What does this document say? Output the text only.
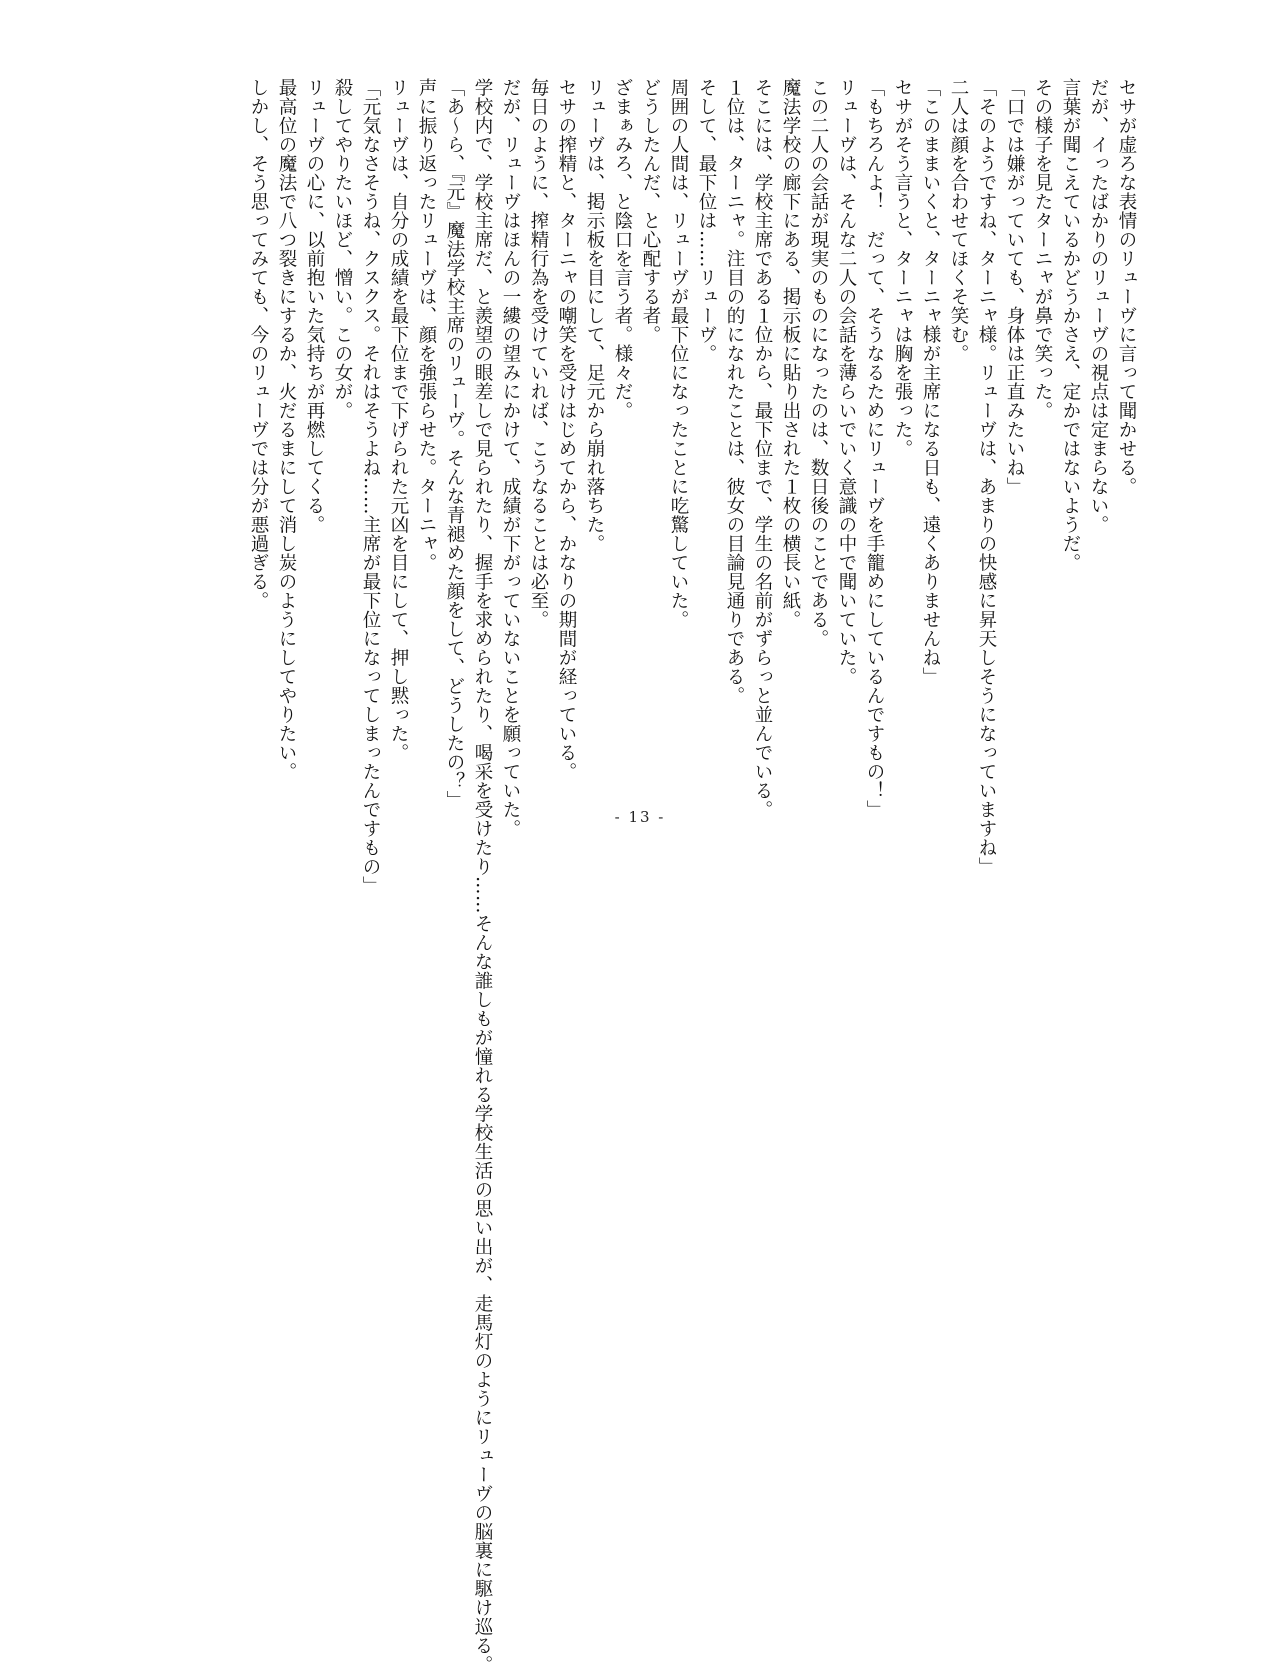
セサが虚ろな表情のリューヴに言って聞かせる。
だが、イったばかりのリューヴの視点は定まらない。
言葉が聞こえているかどうかさえ、定かではないようだ。
その様子を見たターニャが鼻で笑った。
「口では嫌がっていても、身体は正直みたいね」
「そのようですね、ターニャ様。リューヴは、あまりの快感に昇天しそうになっていますね」
二人は顔を合わせてほくそ笑む。
「このままいくと、ターニャ様が主席になる日も、遠くありませんね」
セサがそう言うと、ターニャは胸を張った。
「もちろんよ！　だって、そうなるためにリューヴを手籠めにしているんですもの！」
リューヴは、そんな二人の会話を薄らいでいく意識の中で聞いていた。
この二人の会話が現実のものになったのは、数日後のことである。
魔法学校の廊下にある、掲示板に貼り出された１枚の横長い紙。
そこには、学校主席である１位から、最下位まで、学生の名前がずらっと並んでいる。
１位は、ターニャ。注目の的になれたことは、彼女の目論見通りである。
そして、最下位は……リューヴ。
周囲の人間は、リューヴが最下位になったことに吃驚していた。
どうしたんだ、と心配する者。
ざまぁみろ、と陰口を言う者。様々だ。
リューヴは、掲示板を目にして、足元から崩れ落ちた。
セサの搾精と、ターニャの嘲笑を受けはじめてから、かなりの期間が経っている。
毎日のように、搾精行為を受けていれば、こうなることは必至。
だが、リューヴはほんの一縷の望みにかけて、成績が下がっていないことを願っていた。
学校内で、学校主席だ、と羨望の眼差しで見られたり、握手を求められたり、喝采を受けたり……そんな誰しもが憧れる学校生活の思い出が、走馬灯のようにリューヴの脳裏に駆け巡る。
「あ～ら、『元』魔法学校主席のリューヴ。そんな青褪めた顔をして、どうしたの？」
声に振り返ったリューヴは、顔を強張らせた。ターニャ。
リューヴは、自分の成績を最下位まで下げられた元凶を目にして、押し黙った。
「元気なさそうね、クスクス。それはそうよね……主席が最下位になってしまったんですもの」
殺してやりたいほど、憎い。この女が。
リューヴの心に、以前抱いた気持ちが再燃してくる。
最高位の魔法で八つ裂きにするか、火だるまにして消し炭のようにしてやりたい。
しかし、そう思ってみても、今のリューヴでは分が悪過ぎる。
- 13 -
